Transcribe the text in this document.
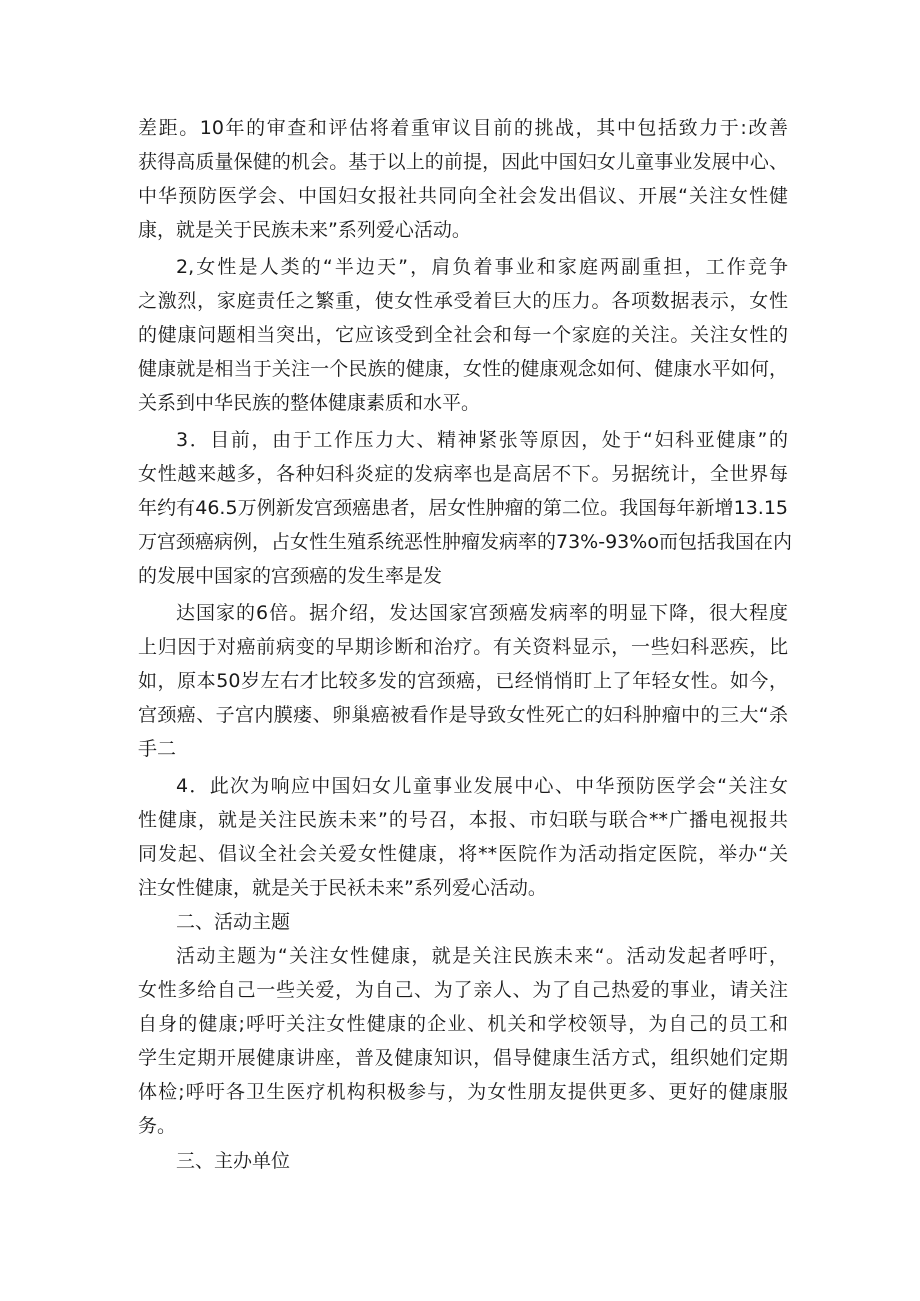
差距。10年的审查和评估将着重审议目前的挑战，其中包括致力于:改善
获得高质量保健的机会。基于以上的前提，因此中国妇女儿童事业发展中心、
中华预防医学会、中国妇女报社共同向全社会发出倡议、开展“关注女性健
康，就是关于民族未来”系列爱心活动。
2,女性是人类的“半边天”，肩负着事业和家庭两副重担，工作竞争
之激烈，家庭责任之繁重，使女性承受着巨大的压力。各项数据表示，女性
的健康问题相当突出，它应该受到全社会和每一个家庭的关注。关注女性的
健康就是相当于关注一个民族的健康，女性的健康观念如何、健康水平如何，
关系到中华民族的整体健康素质和水平。
3．目前，由于工作压力大、精神紧张等原因，处于“妇科亚健康”的
女性越来越多，各种妇科炎症的发病率也是高居不下。另据统计，全世界每
年约有46.5万例新发宫颈癌患者，居女性肿瘤的第二位。我国每年新增13.15
万宫颈癌病例，占女性生殖系统恶性肿瘤发病率的73%-93%o而包括我国在内
的发展中国家的宫颈癌的发生率是发
达国家的6倍。据介绍，发达国家宫颈癌发病率的明显下降，很大程度
上归因于对癌前病变的早期诊断和治疗。有关资料显示，一些妇科恶疾，比
如，原本50岁左右才比较多发的宫颈癌，已经悄悄盯上了年轻女性。如今，
宫颈癌、子宫内膜瘘、卵巢癌被看作是导致女性死亡的妇科肿瘤中的三大“杀
手二
4．此次为响应中国妇女儿童事业发展中心、中华预防医学会“关注女
性健康，就是关注民族未来”的号召，本报、市妇联与联合**广播电视报共
同发起、倡议全社会关爱女性健康，将**医院作为活动指定医院，举办“关
注女性健康，就是关于民袄未来”系列爱心活动。
二、活动主题
活动主题为“关注女性健康，就是关注民族未来“。活动发起者呼吁，
女性多给自己一些关爱，为自己、为了亲人、为了自己热爱的事业，请关注
自身的健康;呼吁关注女性健康的企业、机关和学校领导，为自己的员工和
学生定期开展健康讲座，普及健康知识，倡导健康生活方式，组织她们定期
体检;呼吁各卫生医疗机构积极参与，为女性朋友提供更多、更好的健康服
务。
三、主办单位
